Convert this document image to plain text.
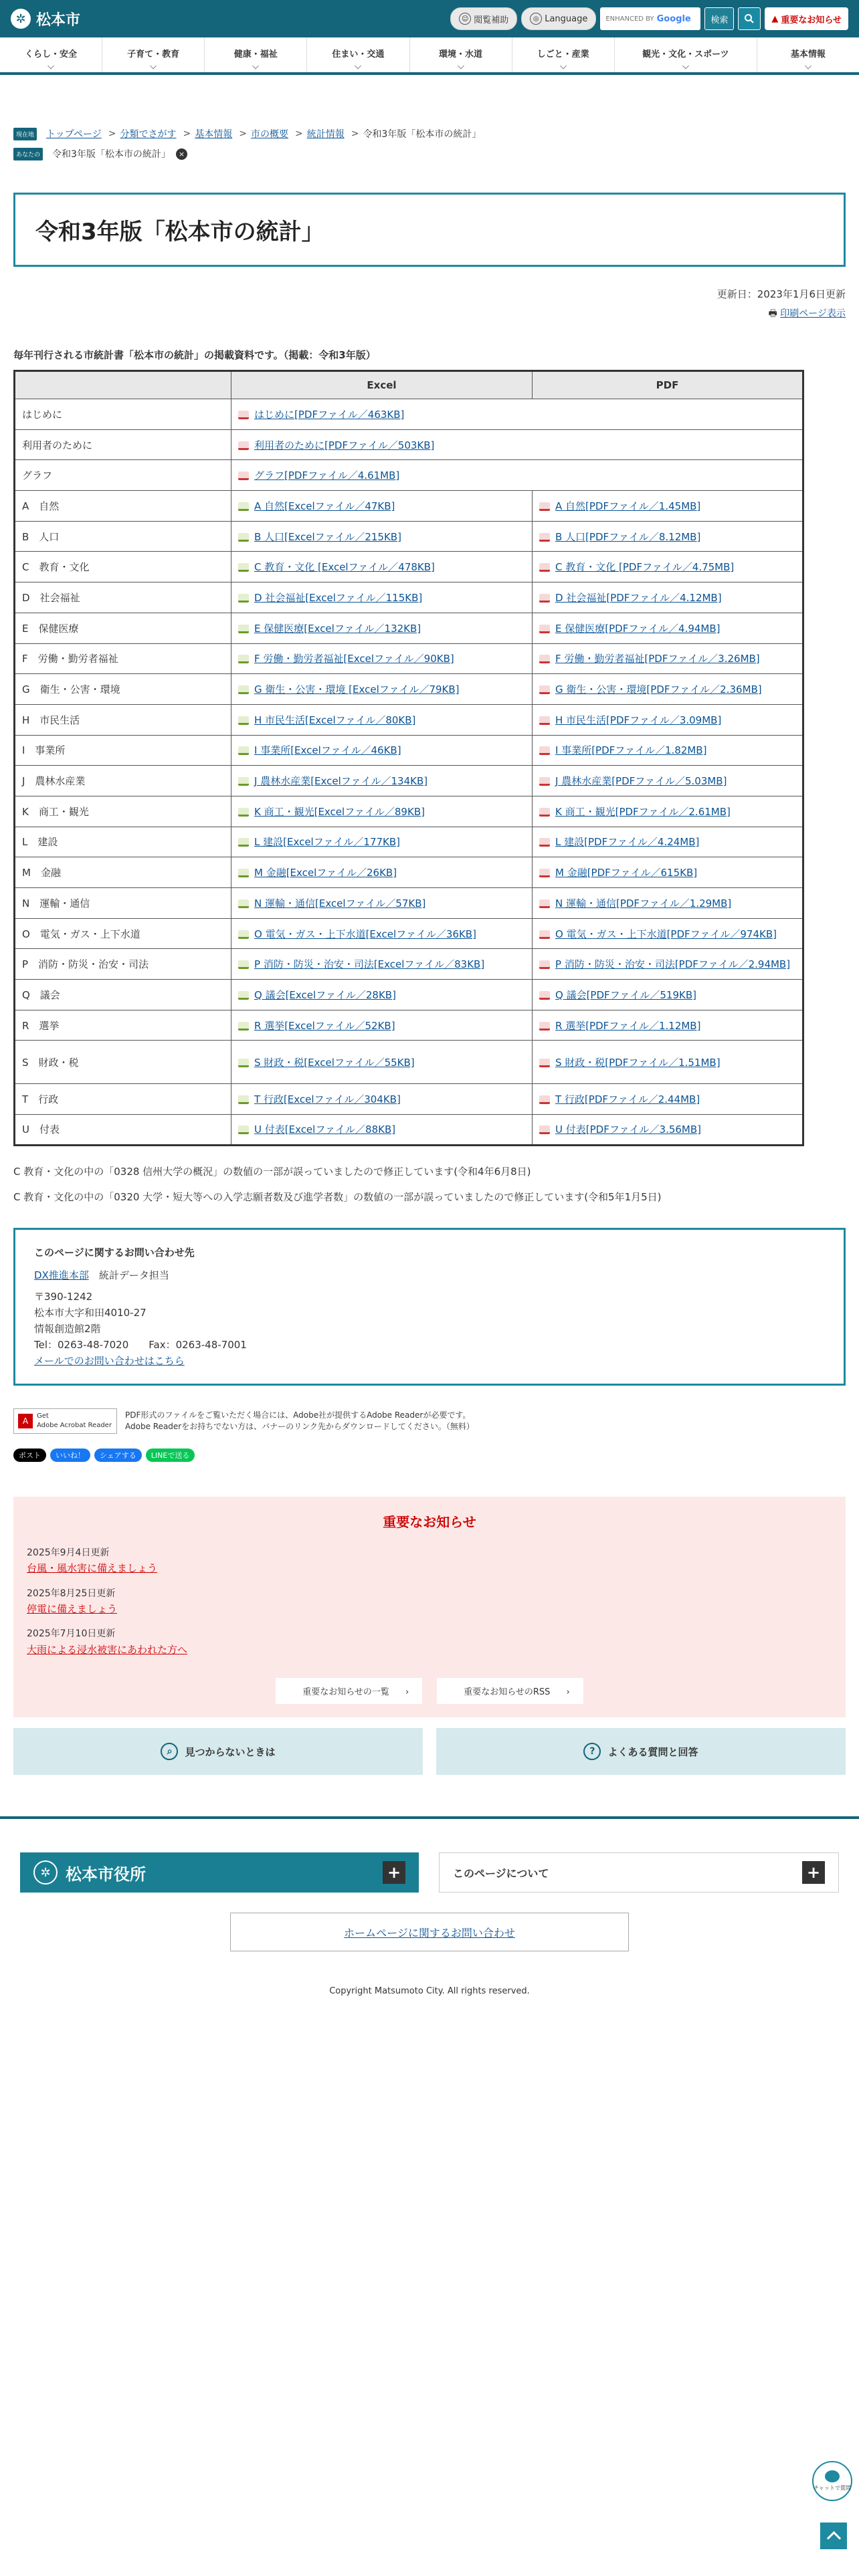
✲ 松本市	☺ 閲覧補助	◎ Language	ENHANCED BY Google	検索	▲ 重要なお知らせ
くらし・安全	子育て・教育	健康・福祉	住まい・交通	環境・水道	しごと・産業	観光・文化・スポーツ	基本情報
現在地 トップページ > 分類でさがす > 基本情報 > 市の概要 > 統計情報 > 令和3年版「松本市の統計」
あなたの 令和3年版「松本市の統計」	×
令和3年版「松本市の統計」
更新日：2023年1月6日更新
🖶 印刷ページ表示
毎年刊行される市統計書「松本市の統計」の掲載資料です。（掲載：令和3年版）
	Excel	PDF
はじめに	はじめに[PDFファイル／463KB]	
利用者のために	利用者のために[PDFファイル／503KB]	
グラフ	グラフ[PDFファイル／4.61MB]	
A　自然	A 自然[Excelファイル／47KB]	A 自然[PDFファイル／1.45MB]
B　人口	B 人口[Excelファイル／215KB]	B 人口[PDFファイル／8.12MB]
C　教育・文化	C 教育・文化 [Excelファイル／478KB]	C 教育・文化 [PDFファイル／4.75MB]
D　社会福祉	D 社会福祉[Excelファイル／115KB]	D 社会福祉[PDFファイル／4.12MB]
E　保健医療	E 保健医療[Excelファイル／132KB]	E 保健医療[PDFファイル／4.94MB]
F　労働・勤労者福祉	F 労働・勤労者福祉[Excelファイル／90KB]	F 労働・勤労者福祉[PDFファイル／3.26MB]
G　衛生・公害・環境	G 衛生・公害・環境 [Excelファイル／79KB]	G 衛生・公害・環境[PDFファイル／2.36MB]
H　市民生活	H 市民生活[Excelファイル／80KB]	H 市民生活[PDFファイル／3.09MB]
I　事業所	I 事業所[Excelファイル／46KB]	I 事業所[PDFファイル／1.82MB]
J　農林水産業	J 農林水産業[Excelファイル／134KB]	J 農林水産業[PDFファイル／5.03MB]
K　商工・観光	K 商工・観光[Excelファイル／89KB]	K 商工・観光[PDFファイル／2.61MB]
L　建設	L 建設[Excelファイル／177KB]	L 建設[PDFファイル／4.24MB]
M　金融	M 金融[Excelファイル／26KB]	M 金融[PDFファイル／615KB]
N　運輸・通信	N 運輸・通信[Excelファイル／57KB]	N 運輸・通信[PDFファイル／1.29MB]
O　電気・ガス・上下水道	O 電気・ガス・上下水道[Excelファイル／36KB]	O 電気・ガス・上下水道[PDFファイル／974KB]
P　消防・防災・治安・司法	P 消防・防災・治安・司法[Excelファイル／83KB]	P 消防・防災・治安・司法[PDFファイル／2.94MB]
Q　議会	Q 議会[Excelファイル／28KB]	Q 議会[PDFファイル／519KB]
R　選挙	R 選挙[Excelファイル／52KB]	R 選挙[PDFファイル／1.12MB]
S　財政・税	S 財政・税[Excelファイル／55KB]	S 財政・税[PDFファイル／1.51MB]
T　行政	T 行政[Excelファイル／304KB]	T 行政[PDFファイル／2.44MB]
U　付表	U 付表[Excelファイル／88KB]	U 付表[PDFファイル／3.56MB]

C 教育・文化の中の「0328 信州大学の概況」の数値の一部が誤っていましたので修正しています(令和4年6月8日)

C 教育・文化の中の「0320 大学・短大等への入学志願者数及び進学者数」の数値の一部が誤っていましたので修正しています(令和5年1月5日)

このページに関するお問い合わせ先
DX推進本部　 統計データ担当
〒390-1242
松本市大字和田4010-27
情報創造館2階
Tel：0263-48-7020　　Fax：0263-48-7001
メールでのお問い合わせはこちら
A
Get
Adobe Acrobat Reader
PDF形式のファイルをご覧いただく場合には、Adobe社が提供するAdobe Readerが必要です。
Adobe Readerをお持ちでない方は、バナーのリンク先からダウンロードしてください。（無料）
ポスト	いいね！	シェアする	LINEで送る
重要なお知らせ
2025年9月4日更新
台風・風水害に備えましょう
2025年8月25日更新
停電に備えましょう
2025年7月10日更新
大雨による浸水被害にあわれた方へ
重要なお知らせの一覧 ›	重要なお知らせのRSS ›
⌕	見つからないときは	?	よくある質問と回答
✲ 松本市役所	+	このページについて	+
ホームページに関するお問い合わせ
Copyright Matsumoto City. All rights reserved.
チャットで質問
